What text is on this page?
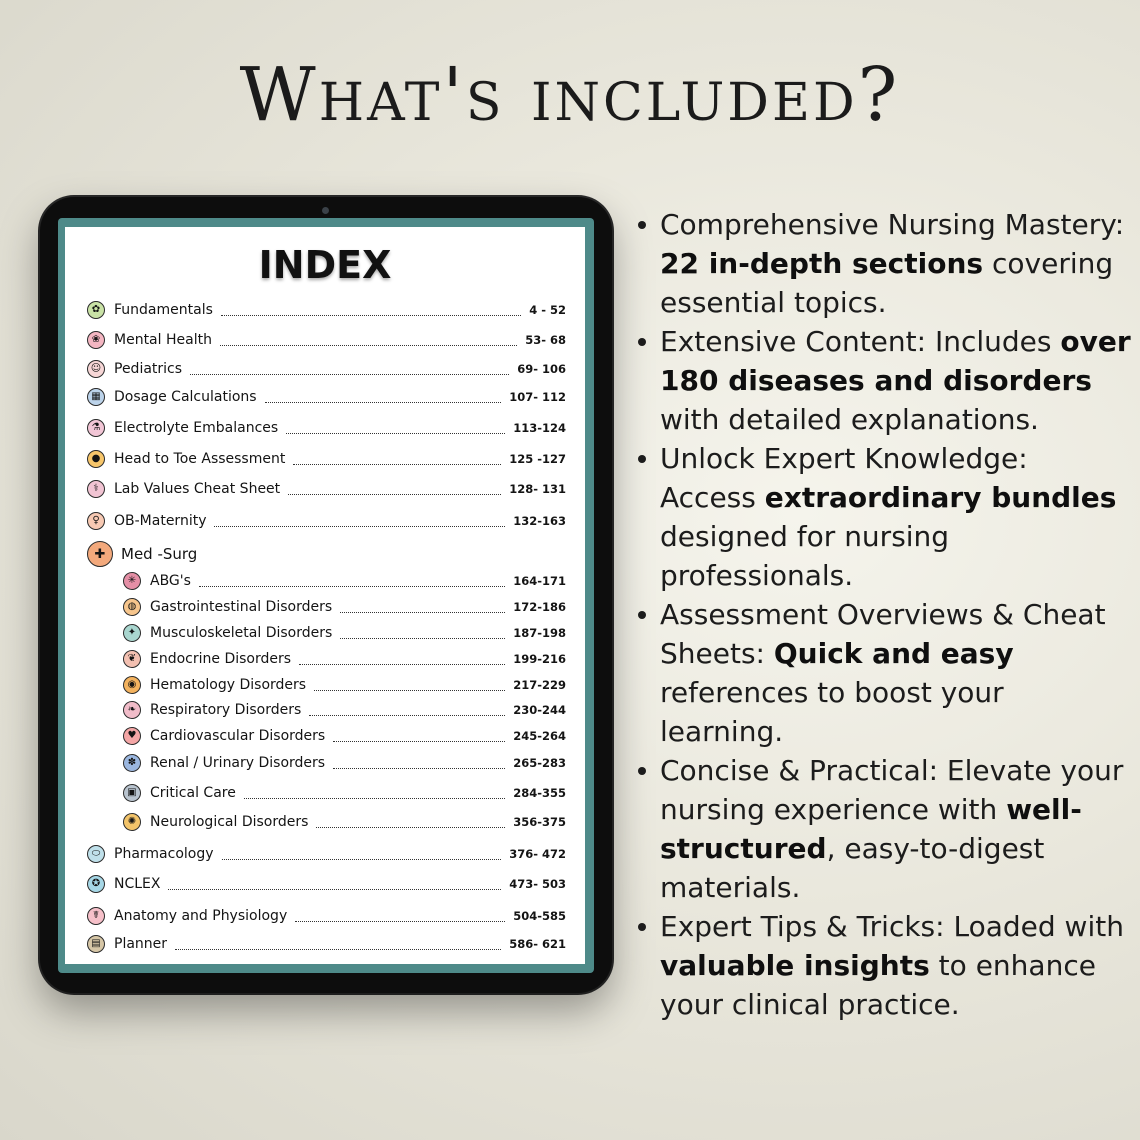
What's included?
INDEX
✿ Fundamentals	4 - 52
❀ Mental Health	53- 68
☺ Pediatrics	69- 106
▦ Dosage Calculations	107- 112
⚗ Electrolyte Embalances	113-124
● Head to Toe Assessment	125 -127
⚕	Lab Values Cheat Sheet	128- 131
♀	OB-Maternity	132-163
✚	Med -Surg
✳ ABG's	164-171
◍ Gastrointestinal Disorders	172-186
✦ Musculoskeletal Disorders	187-198
❦ Endocrine Disorders	199-216
◉ Hematology Disorders	217-229
❧ Respiratory Disorders	230-244
♥ Cardiovascular Disorders	245-264
✽ Renal / Urinary Disorders	265-283
▣ Critical Care	284-355
✺ Neurological Disorders	356-375
⬭ Pharmacology	376- 472
✪ NCLEX	473- 503
☤	Anatomy and Physiology	504-585
▤ Planner	586- 621
Comprehensive Nursing Mastery: 22 in-depth sections covering essential topics.
Extensive Content: Includes over 180 diseases and disorders with detailed explanations.
Unlock Expert Knowledge: Access extraordinary bundles designed for nursing professionals.
Assessment Overviews & Cheat Sheets: Quick and easy references to boost your learning.
Concise & Practical: Elevate your nursing experience with well-structured, easy-to-digest materials.
Expert Tips & Tricks: Loaded with valuable insights to enhance your clinical practice.
